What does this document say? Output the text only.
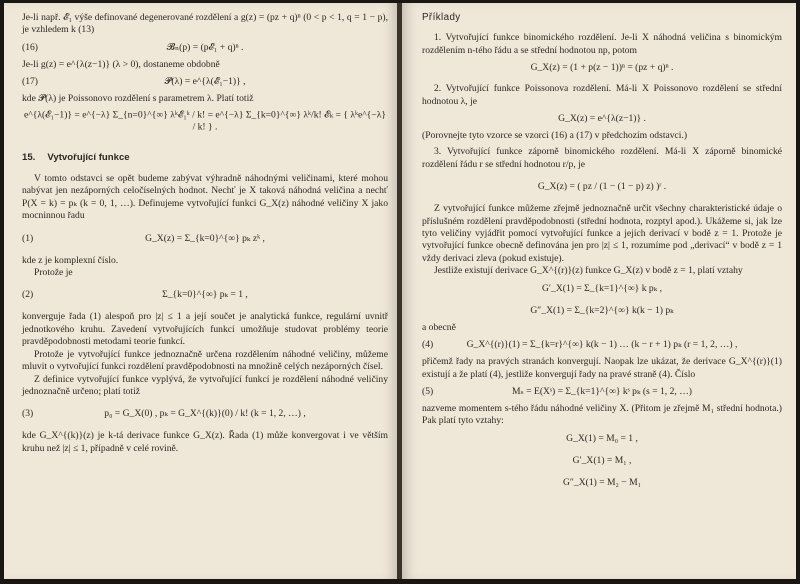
Je-li např. 𝓔₁ výše definované degenerované rozdělení a g(z) = (pz + q)ⁿ (0 < p < 1, q = 1 − p), je vzhledem k (13)

(16)	𝓑ₙ(p) = (p𝓔₁ + q)ⁿ .

Je-li g(z) = e^{λ(z−1)} (λ > 0), dostaneme obdobně

(17)	𝓟(λ) = e^{λ(𝓔₁−1)} ,

kde 𝓟(λ) je Poissonovo rozdělení s parametrem λ. Platí totiž

e^{λ(𝓔₁−1)} = e^{−λ} Σ_{n=0}^{∞} λᵏ𝓔₁ᵏ / k! = e^{−λ} Σ_{k=0}^{∞} λᵏ/k! 𝓔ₖ = { λᵏe^{−λ} / k! } .
15. Vytvořující funkce

V tomto odstavci se opět budeme zabývat výhradně náhodnými veličinami, které mohou nabývat jen nezáporných celočíselných hodnot. Nechť je X taková náhodná veličina a nechť P(X = k) = pₖ (k = 0, 1, …). Definujeme vytvořující funkci G_X(z) náhodné veličiny X jako mocninnou řadu

(1)	G_X(z) = Σ_{k=0}^{∞} pₖ zᵏ ,

kde z je komplexní číslo.

Protože je

(2)	Σ_{k=0}^{∞} pₖ = 1 ,

konverguje řada (1) alespoň pro |z| ≤ 1 a její součet je analytická funkce, regulární uvnitř jednotkového kruhu. Zavedení vytvořujících funkcí umožňuje studovat problémy teorie pravděpodobnosti metodami teorie funkcí.

Protože je vytvořující funkce jednoznačně určena rozdělením náhodné veličiny, můžeme mluvit o vytvořující funkci rozdělení pravděpodobnosti na množině celých nezáporných čísel.

Z definice vytvořující funkce vyplývá, že vytvořující funkcí je rozdělení náhodné veličiny jednoznačně určeno; platí totiž

(3)	p₀ = G_X(0) , pₖ = G_X^{(k)}(0) / k! (k = 1, 2, …) ,

kde G_X^{(k)}(z) je k-tá derivace funkce G_X(z). Řada (1) může konvergovat i ve větším kruhu než |z| ≤ 1, případně v celé rovině.

Příklady

1. Vytvořující funkce binomického rozdělení. Je-li X náhodná veličina s binomickým rozdělením n-tého řádu a se střední hodnotou np, potom

G_X(z) = (1 + p(z − 1))ⁿ = (pz + q)ⁿ .

2. Vytvořující funkce Poissonova rozdělení. Má-li X Poissonovo rozdělení se střední hodnotou λ, je

G_X(z) = e^{λ(z−1)} .

(Porovnejte tyto vzorce se vzorci (16) a (17) v předchozím odstavci.)

3. Vytvořující funkce záporně binomického rozdělení. Má-li X záporně binomické rozdělení řádu r se střední hodnotou r/p, je

G_X(z) = ( pz / (1 − (1 − p) z) )ʳ .

Z vytvořující funkce můžeme zřejmě jednoznačně určit všechny charakteristické údaje o příslušném rozdělení pravděpodobnosti (střední hodnota, rozptyl apod.). Ukážeme si, jak lze tyto veličiny vyjádřit pomocí vytvořující funkce a jejích derivací v bodě z = 1. Protože je vytvořující funkce obecně definována jen pro |z| ≤ 1, rozumíme pod „derivací“ v bodě z = 1 vždy derivaci zleva (pokud existuje).

Jestliže existují derivace G_X^{(r)}(z) funkce G_X(z) v bodě z = 1, platí vztahy

G′_X(1) = Σ_{k=1}^{∞} k pₖ ,
G″_X(1) = Σ_{k=2}^{∞} k(k − 1) pₖ

a obecně

(4)	G_X^{(r)}(1) = Σ_{k=r}^{∞} k(k − 1) … (k − r + 1) pₖ (r = 1, 2, …) ,

přičemž řady na pravých stranách konvergují. Naopak lze ukázat, že derivace G_X^{(r)}(1) existují a že platí (4), jestliže konvergují řady na pravé straně (4). Číslo

(5)	Mₛ = E(Xˢ) = Σ_{k=1}^{∞} kˢ pₖ (s = 1, 2, …)

nazveme momentem s-tého řádu náhodné veličiny X. (Přitom je zřejmě M₁ střední hodnota.) Pak platí tyto vztahy:

G_X(1) = M₀ = 1 ,
G′_X(1) = M₁ ,
G″_X(1) = M₂ − M₁
